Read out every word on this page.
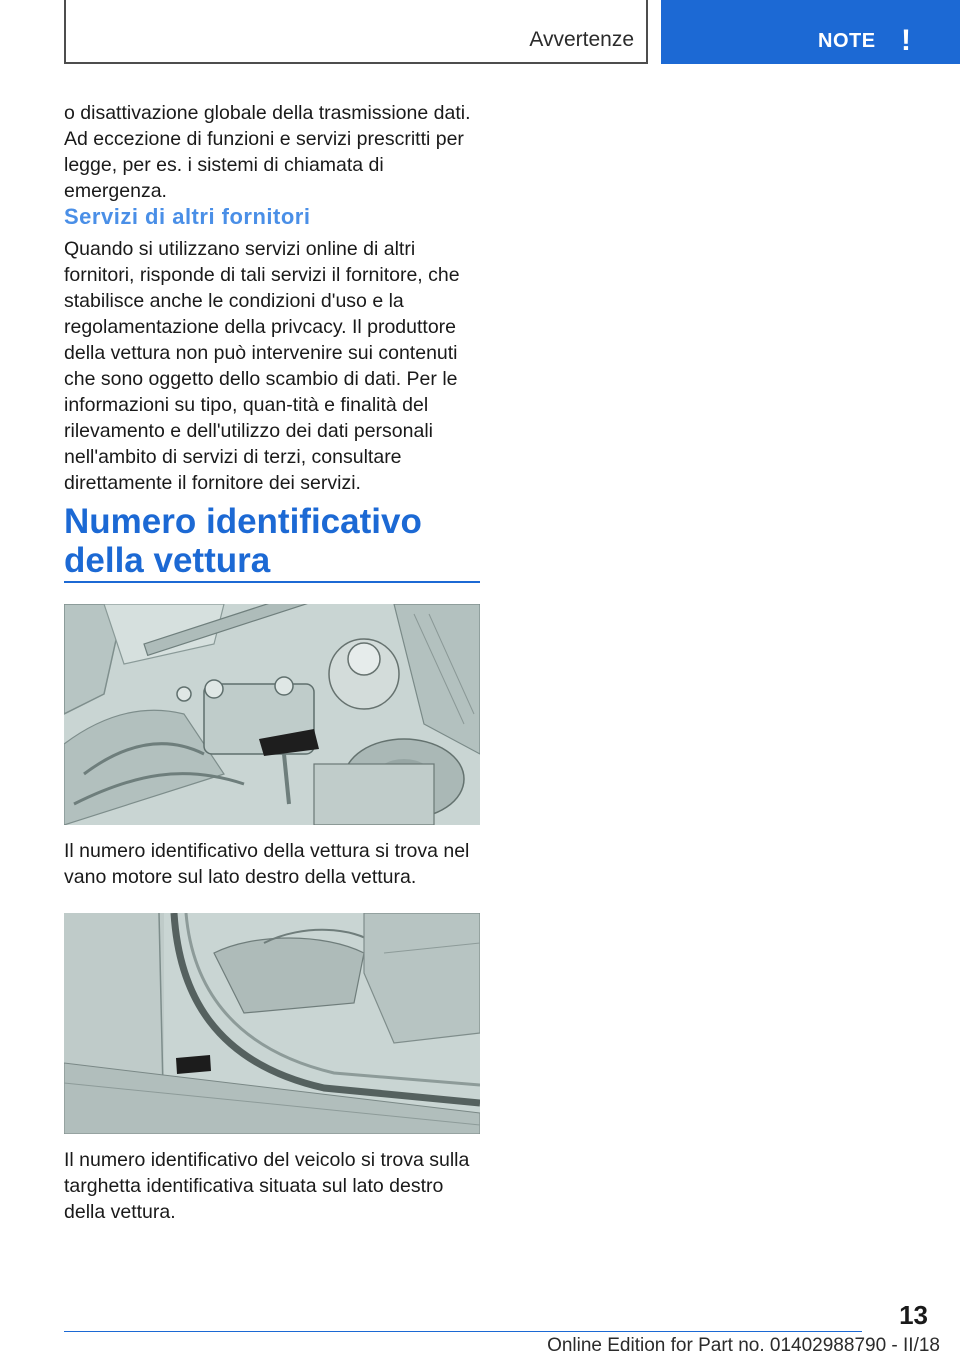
Avvertenze	NOTE !

o disattivazione globale della trasmissione dati. Ad eccezione di funzioni e servizi prescritti per legge, per es. i sistemi di chiamata di emergenza.

Servizi di altri fornitori

Quando si utilizzano servizi online di altri fornitori, risponde di tali servizi il fornitore, che stabilisce anche le condizioni d'uso e la regolamentazione della privcacy. Il produttore della vettura non può intervenire sui contenuti che sono oggetto dello scambio di dati. Per le informazioni su tipo, quan-tità e finalità del rilevamento e dell'utilizzo dei dati personali nell'ambito di servizi di terzi, consultare direttamente il fornitore dei servizi.

Numero identificativo della vettura

Il numero identificativo della vettura si trova nel vano motore sul lato destro della vettura.

Il numero identificativo del veicolo si trova sulla targhetta identificativa situata sul lato destro della vettura.

13
Online Edition for Part no. 01402988790 - II/18
